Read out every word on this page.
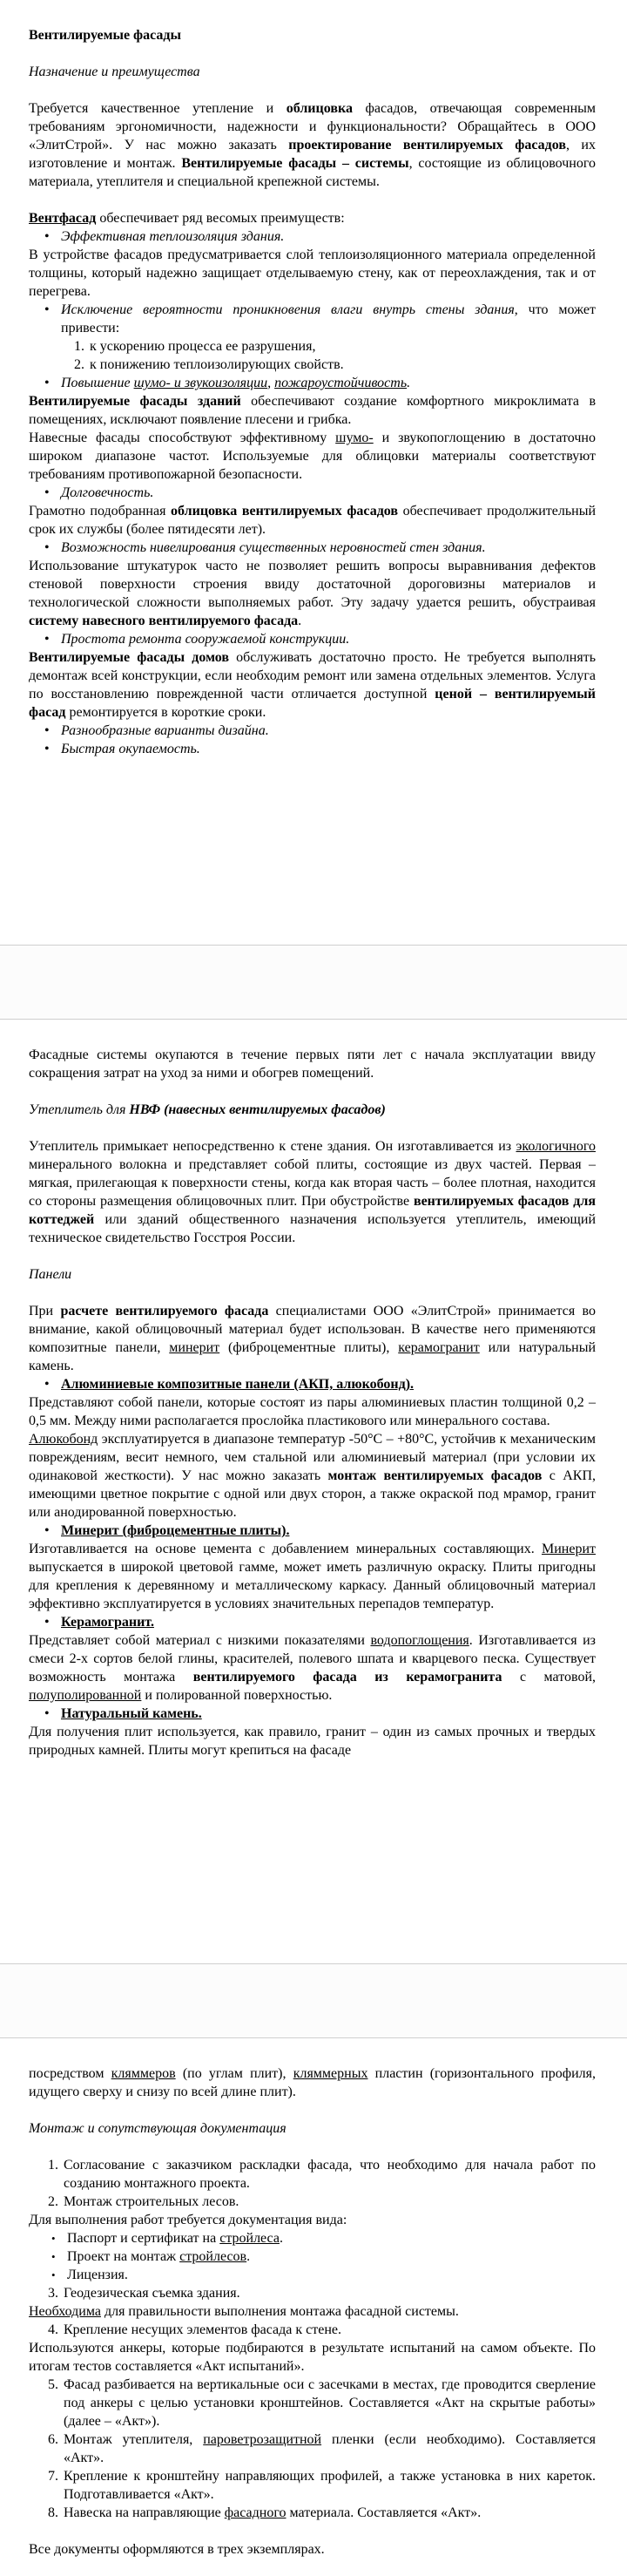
Вентилируемые фасады
Назначение и преимущества
Требуется качественное утепление и облицовка фасадов, отвечающая современным требованиям эргономичности, надежности и функциональности? Обращайтесь в ООО «ЭлитСтрой». У нас можно заказать проектирование вентилируемых фасадов, их изготовление и монтаж. Вентилируемые фасады – системы, состоящие из облицовочного материала, утеплителя и специальной крепежной системы.
Вентфасад обеспечивает ряд весомых преимуществ:
• Эффективная теплоизоляция здания.
В устройстве фасадов предусматривается слой теплоизоляционного материала определенной толщины, который надежно защищает отделываемую стену, как от переохлаждения, так и от перегрева.
• Исключение вероятности проникновения влаги внутрь стены здания, что может привести:
1. к ускорению процесса ее разрушения,
2. к понижению теплоизолирующих свойств.
• Повышение шумо- и звукоизоляции, пожароустойчивость.
Вентилируемые фасады зданий обеспечивают создание комфортного микроклимата в помещениях, исключают появление плесени и грибка.
Навесные фасады способствуют эффективному шумо- и звукопоглощению в достаточно широком диапазоне частот. Используемые для облицовки материалы соответствуют требованиям противопожарной безопасности.
• Долговечность.
Грамотно подобранная облицовка вентилируемых фасадов обеспечивает продолжительный срок их службы (более пятидесяти лет).
• Возможность нивелирования существенных неровностей стен здания.
Использование штукатурок часто не позволяет решить вопросы выравнивания дефектов стеновой поверхности строения ввиду достаточной дороговизны материалов и технологической сложности выполняемых работ. Эту задачу удается решить, обустраивая систему навесного вентилируемого фасада.
• Простота ремонта сооружаемой конструкции.
Вентилируемые фасады домов обслуживать достаточно просто. Не требуется выполнять демонтаж всей конструкции, если необходим ремонт или замена отдельных элементов. Услуга по восстановлению поврежденной части отличается доступной ценой – вентилируемый фасад ремонтируется в короткие сроки.
• Разнообразные варианты дизайна.
• Быстрая окупаемость.
Фасадные системы окупаются в течение первых пяти лет с начала эксплуатации ввиду сокращения затрат на уход за ними и обогрев помещений.
Утеплитель для НВФ (навесных вентилируемых фасадов)
Утеплитель примыкает непосредственно к стене здания. Он изготавливается из экологичного минерального волокна и представляет собой плиты, состоящие из двух частей. Первая – мягкая, прилегающая к поверхности стены, когда как вторая часть – более плотная, находится со стороны размещения облицовочных плит. При обустройстве вентилируемых фасадов для коттеджей или зданий общественного назначения используется утеплитель, имеющий техническое свидетельство Госстроя России.
Панели
При расчете вентилируемого фасада специалистами ООО «ЭлитСтрой» принимается во внимание, какой облицовочный материал будет использован. В качестве него применяются композитные панели, минерит (фиброцементные плиты), керамогранит или натуральный камень.
• Алюминиевые композитные панели (АКП, алюкобонд).
Представляют собой панели, которые состоят из пары алюминиевых пластин толщиной 0,2 – 0,5 мм. Между ними располагается прослойка пластикового или минерального состава.
Алюкобонд эксплуатируется в диапазоне температур -50°С – +80°С, устойчив к механическим повреждениям, весит немного, чем стальной или алюминиевый материал (при условии их одинаковой жесткости). У нас можно заказать монтаж вентилируемых фасадов с АКП, имеющими цветное покрытие с одной или двух сторон, а также окраской под мрамор, гранит или анодированной поверхностью.
• Минерит (фиброцементные плиты).
Изготавливается на основе цемента с добавлением минеральных составляющих. Минерит выпускается в широкой цветовой гамме, может иметь различную окраску. Плиты пригодны для крепления к деревянному и металлическому каркасу. Данный облицовочный материал эффективно эксплуатируется в условиях значительных перепадов температур.
• Керамогранит.
Представляет собой материал с низкими показателями водопоглощения. Изготавливается из смеси 2-х сортов белой глины, красителей, полевого шпата и кварцевого песка. Существует возможность монтажа вентилируемого фасада из керамогранита с матовой, полуполированной и полированной поверхностью.
• Натуральный камень.
Для получения плит используется, как правило, гранит – один из самых прочных и твердых природных камней. Плиты могут крепиться на фасаде
посредством кляммеров (по углам плит), кляммерных пластин (горизонтального профиля, идущего сверху и снизу по всей длине плит).
Монтаж и сопутствующая документация
1. Согласование с заказчиком раскладки фасада, что необходимо для начала работ по созданию монтажного проекта.
2. Монтаж строительных лесов.
Для выполнения работ требуется документация вида:
• Паспорт и сертификат на стройлеса.
• Проект на монтаж стройлесов.
• Лицензия.
3. Геодезическая съемка здания.
Необходима для правильности выполнения монтажа фасадной системы.
4. Крепление несущих элементов фасада к стене.
Используются анкеры, которые подбираются в результате испытаний на самом объекте. По итогам тестов составляется «Акт испытаний».
5. Фасад разбивается на вертикальные оси с засечками в местах, где проводится сверление под анкеры с целью установки кронштейнов. Составляется «Акт на скрытые работы» (далее – «Акт»).
6. Монтаж утеплителя, пароветрозащитной пленки (если необходимо). Составляется «Акт».
7. Крепление к кронштейну направляющих профилей, а также установка в них кареток. Подготавливается «Акт».
8. Навеска на направляющие фасадного материала. Составляется «Акт».
Все документы оформляются в трех экземплярах.
